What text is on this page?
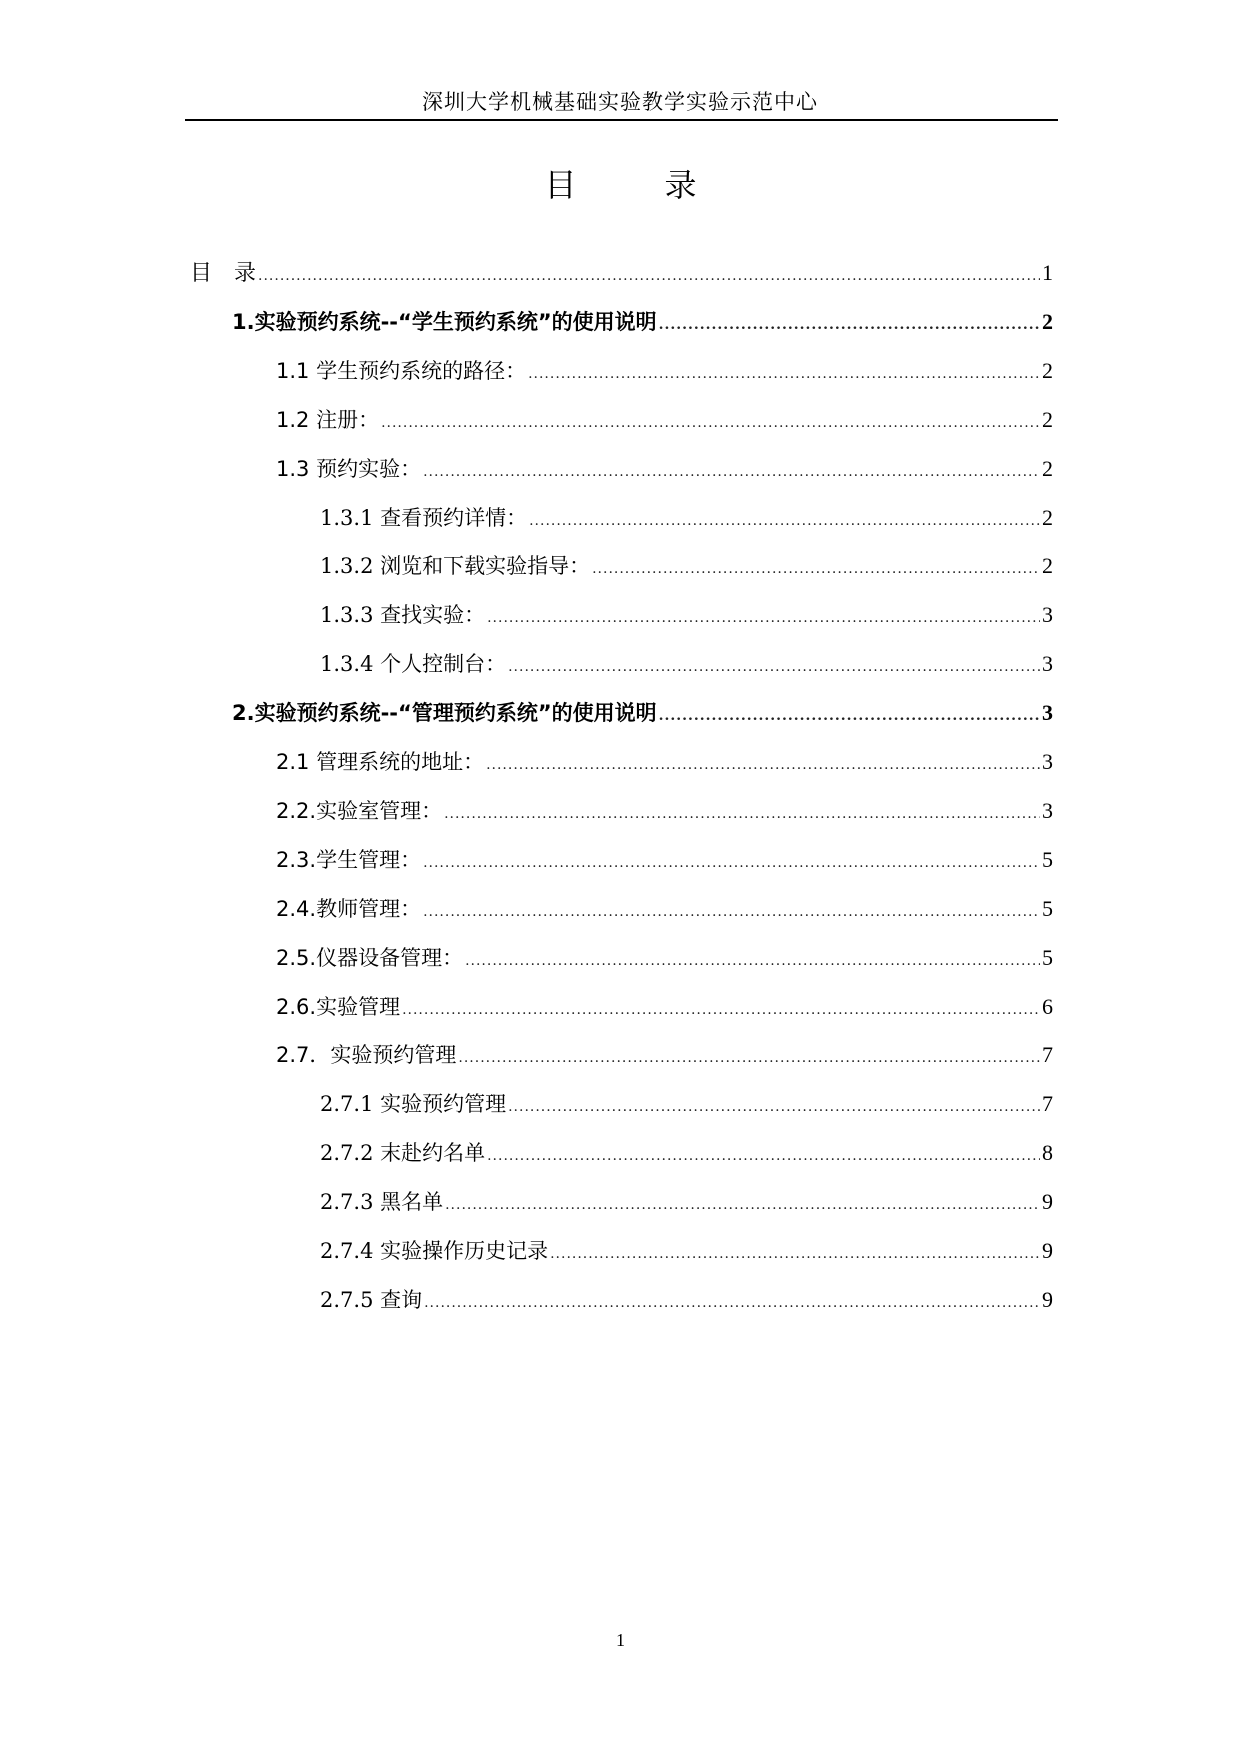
深圳大学机械基础实验教学实验示范中心
目　录
目　录 .....	1
1.实验预约系统--“学生预约系统”的使用说明 .....	2
1.1 学生预约系统的路径： .....	2
1.2 注册： .....	2
1.3 预约实验： .....	2
1.3.1 查看预约详情： .....	2
1.3.2 浏览和下载实验指导： .....	2
1.3.3 查找实验： .....	3
1.3.4 个人控制台： .....	3
2.实验预约系统--“管理预约系统”的使用说明 .....	3
2.1 管理系统的地址： .....	3
2.2.实验室管理： .....	3
2.3.学生管理： .....	5
2.4.教师管理： .....	5
2.5.仪器设备管理： .....	5
2.6.实验管理 .....	6
2.7．实验预约管理 .....	7
2.7.1 实验预约管理 .....	7
2.7.2 末赴约名单 .....	8
2.7.3 黑名单 .....	9
2.7.4 实验操作历史记录 .....	9
2.7.5 查询 .....	9
1
